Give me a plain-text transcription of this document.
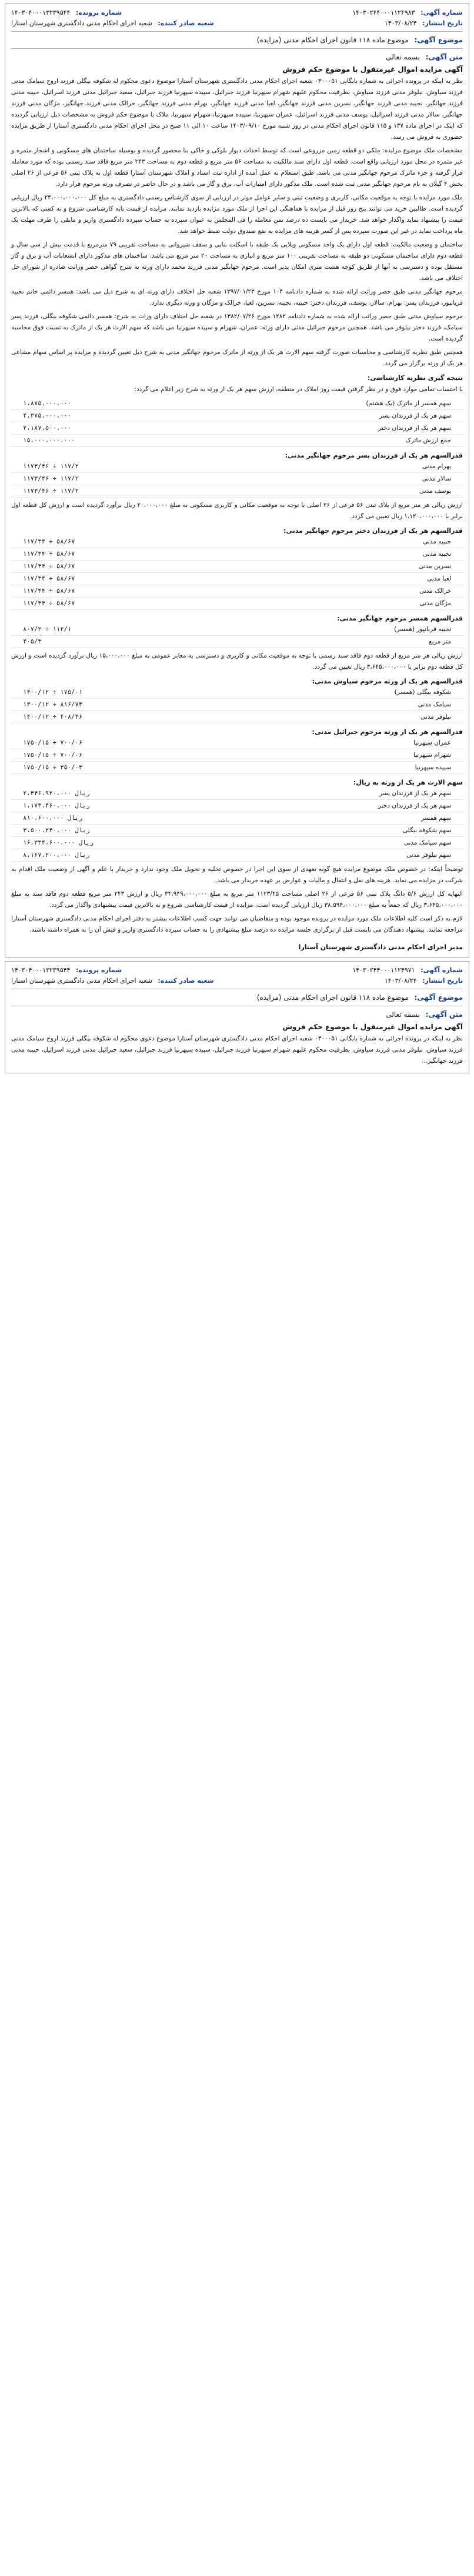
شماره آگهی: ۱۴۰۳۰۲۴۴۰۰۰۱۱۲۴۹۸۳
شماره پرونده: ۱۴۰۳۰۴۰۰۰۱۳۲۳۹۵۴۴
تاریخ انتشار: ۱۴۰۳/۰۸/۲۴
شعبه صادر کننده: شعبه اجرای احکام مدنی دادگستری شهرستان استارا
موضوع آگهی: موضوع ماده ۱۱۸ قانون اجرای احکام مدنی (مزایده)
متن آگهی: بسمه تعالی
آگهی مزایده اموال غیرمنقول با موضوع حکم فروش

نظر به اینکه در پرونده اجرائی به شماره بایگانی ۰۳۰۰۰۵۱ شعبه اجرای احکام مدنی دادگستری شهرستان آستارا موضوع دعوی محکوم له شکوفه بیگلی فرزند اروج سیامک مدنی فرزند سیاوش، نیلوفر مدنی فرزند سیاوش، بطرفیت محکوم علیهم شهرام سپهرنیا فرزند جبرائیل، سپیده سپهرنیا فرزند جبرائیل، سعید جبرائیل مدنی فرزند اسرائیل، حبیبه مدنی فرزند جهانگیر، نجیبه مدنی فرزند جهانگیر، نسرین مدنی فرزند جهانگیر، لعیا مدنی فرزند جهانگیر، بهرام مدنی فرزند جهانگیر، خرالک مدنی فرزند جهانگیر، مژگان مدنی فرزند جهانگیر، سالار مدنی فرزند اسرائیل، یوسف مدنی فرزند اسرائیل، عمران سپهرنیا، سپیده سپهرنیا، شهرام سپهرنیا، ملاک با موضوع حکم فروش به مشخصات ذیل ارزیابی گردیده که اینک در اجرای ماده ۱۳۷ و ۱۱۵ قانون اجرای احکام مدنی در روز شنبه مورخ ۱۴۰۳/۰۹/۱۰ ساعت ۱۰ الی ۱۱ صبح در محل اجرای احکام مدنی دادگستری آستارا از طریق مزایده حضوری به فروش می رسد.

مشخصات ملک موضوع مزایده: ملکی دو قطعه زمین مزروعی است که توسط احداث دیوار بلوکی و خاکی بنا محصور گردیده و بوسیله ساختمان های مسکونی و اشجار مثمره و غیر مثمره در محل مورد ارزیابی واقع است. قطعه اول دارای سند مالکیت به مساحت ۵۶ متر مربع و قطعه دوم به مساحت ۲۴۳ متر مربع فاقد سند رسمی بوده که مورد معامله قرار گرفته و جزء ماترک مرحوم جهانگیر مدنی می باشد. طبق استعلام به عمل آمده از اداره ثبت اسناد و املاک شهرستان آستارا قطعه اول به پلاک ثبتی ۵۶ فرعی از ۲۶ اصلی بخش ۴ گیلان به نام مرحوم جهانگیر مدنی ثبت شده است. ملک مذکور دارای امتیازات آب، برق و گاز می باشد و در حال حاضر در تصرف ورثه مرحوم قرار دارد.

ملک مورد مزایده با توجه به موقعیت مکانی، کاربری و وضعیت ثبتی و سایر عوامل موثر در ارزیابی از سوی کارشناس رسمی دادگستری به مبلغ کل ۲۴،۰۰۰،۰۰۰،۰۰۰ ریال ارزیابی گردیده است. طالبین خرید می توانند پنج روز قبل از مزایده با هماهنگی این اجرا از ملک مورد مزایده بازدید نمایند. مزایده از قیمت پایه کارشناسی شروع و به کسی که بالاترین قیمت را پیشنهاد نماید واگذار خواهد شد. خریدار می بایست ده درصد ثمن معامله را فی المجلس به عنوان سپرده به حساب سپرده دادگستری واریز و مابقی را ظرف مهلت یک ماه پرداخت نماید در غیر این صورت سپرده پس از کسر هزینه های مزایده به نفع صندوق دولت ضبط خواهد شد.

ساختمان و وضعیت مالکیت: قطعه اول دارای یک واحد مسکونی ویلایی یک طبقه با اسکلت بنایی و سقف شیروانی به مساحت تقریبی ۷۹ مترمربع با قدمت بیش از سی سال و قطعه دوم دارای ساختمان مسکونی دو طبقه به مساحت تقریبی ۱۰۰ متر مربع و انباری به مساحت ۲۰ متر مربع می باشد. ساختمان های مذکور دارای انشعابات آب و برق و گاز مستقل بوده و دسترسی به آنها از طریق کوچه هشت متری امکان پذیر است. مرحوم جهانگیر مدنی فرزند محمد دارای ورثه به شرح گواهی حصر وراثت صادره از شورای حل اختلاف می باشد.

مرحوم جهانگیر مدنی طبق حصر وراثت ارائه شده به شماره دادنامه ۱۰۴ مورخ ۱۳۹۷/۰۱/۲۳ شعبه حل اختلاف دارای ورثه ای به شرح ذیل می باشد: همسر دائمی خانم نجیبه قربانپور، فرزندان پسر: بهرام، سالار، یوسف، فرزندان دختر: حبیبه، نجیبه، نسرین، لعیا، خرالک و مژگان و ورثه دیگری ندارد.

مرحوم سیاوش مدنی طبق حصر وراثت ارائه شده به شماره دادنامه ۱۲۸۲ مورخ ۱۳۸۲/۰۷/۲۶ در شعبه حل اختلاف دارای وراث به شرح: همسر دائمی شکوفه بیگلی، فرزند پسر سیامک، فرزند دختر نیلوفر می باشد. همچنین مرحوم جبرائیل مدنی دارای ورثه: عمران، شهرام و سپیده سپهرنیا می باشد که سهم الارث هر یک از ماترک به نسبت فوق محاسبه گردیده است.

همچنین طبق نظریه کارشناسی و محاسبات صورت گرفته سهم الارث هر یک از ورثه از ماترک مرحوم جهانگیر مدنی به شرح ذیل تعیین گردیده و مزایده بر اساس سهام مشاعی هر یک از ورثه برگزار می گردد.

نتیجه گیری نظریه کارشناسی:

با احتساب تمامی موارد فوق و در نظر گرفتن قیمت روز املاک در منطقه، ارزش سهم هر یک از ورثه به شرح زیر اعلام می گردد:

سهم همسر از ماترک (یک هشتم)
۱،۸۷۵،۰۰۰،۰۰۰
سهم هر یک از فرزندان پسر
۴،۳۷۵،۰۰۰،۰۰۰
سهم هر یک از فرزندان دختر
۲،۱۸۷،۵۰۰،۰۰۰
جمع ارزش ماترک
۱۵،۰۰۰،۰۰۰،۰۰۰
قدرالسهم هر یک از فرزندان پسر مرحوم جهانگیر مدنی:
بهرام مدنی
۱۱۷۳/۴۶ ÷ ۱۱۷/۲
سالار مدنی
۱۱۷۳/۴۶ ÷ ۱۱۷/۲
یوسف مدنی
۱۱۷۳/۴۶ ÷ ۱۱۷/۲

ارزش ریالی هر متر مربع از پلاک ثبتی ۵۶ فرعی از ۲۶ اصلی با توجه به موقعیت مکانی و کاربری مسکونی به مبلغ ۲۰،۰۰۰،۰۰۰ ریال برآورد گردیده است و ارزش کل قطعه اول برابر با ۱،۱۲۰،۰۰۰،۰۰۰ ریال تعیین می گردد.

قدرالسهم هر یک از فرزندان دختر مرحوم جهانگیر مدنی:
حبیبه مدنی
۱۱۷/۳۴ ÷ ۵۸/۶۷
نجیبه مدنی
۱۱۷/۳۴ ÷ ۵۸/۶۷
نسرین مدنی
۱۱۷/۳۴ ÷ ۵۸/۶۷
لعیا مدنی
۱۱۷/۳۴ ÷ ۵۸/۶۷
خرالک مدنی
۱۱۷/۳۴ ÷ ۵۸/۶۷
مژگان مدنی
۱۱۷/۳۴ ÷ ۵۸/۶۷
قدرالسهم همسر مرحوم جهانگیر مدنی:
نجیبه قربانپور (همسر)
۸۰۷/۲ ÷ ۱۱۲/۱
متر مربع
۴۰۵/۳

ارزش ریالی هر متر مربع از قطعه دوم فاقد سند رسمی با توجه به موقعیت مکانی و کاربری و دسترسی به معابر عمومی به مبلغ ۱۵،۰۰۰،۰۰۰ ریال برآورد گردیده است و ارزش کل قطعه دوم برابر با ۳،۶۴۵،۰۰۰،۰۰۰ ریال تعیین می گردد.

قدرالسهم هر یک از ورثه مرحوم سیاوش مدنی:
شکوفه بیگلی (همسر)
۱۴۰۰/۱۲ ÷ ۱۷۵/۰۱
سیامک مدنی
۱۴۰۰/۱۲ ÷ ۸۱۶/۷۳
نیلوفر مدنی
۱۴۰۰/۱۲ ÷ ۴۰۸/۳۶
قدرالسهم هر یک از ورثه مرحوم جبرائیل مدنی:
عمران سپهرنیا
۱۷۵۰/۱۵ ÷ ۷۰۰/۰۶
شهرام سپهرنیا
۱۷۵۰/۱۵ ÷ ۷۰۰/۰۶
سپیده سپهرنیا
۱۷۵۰/۱۵ ÷ ۳۵۰/۰۳
سهم الارث هر یک از ورثه به ریال:
سهم هر یک از فرزندان پسر
۲،۳۴۶،۹۲۰،۰۰۰ ریال
سهم هر یک از فرزندان دختر
۱،۱۷۳،۴۶۰،۰۰۰ ریال
سهم همسر
۸۱۰،۶۰۰،۰۰۰ ریال
سهم شکوفه بیگلی
۳،۵۰۰،۲۴۰،۰۰۰ ریال
سهم سیامک مدنی
۱۶،۳۳۴،۶۰۰،۰۰۰ ریال
سهم نیلوفر مدنی
۸،۱۶۷،۲۰۰،۰۰۰ ریال

توضیحاً اینکه: در خصوص ملک موضوع مزایده هیچ گونه تعهدی از سوی این اجرا در خصوص تخلیه و تحویل ملک وجود ندارد و خریدار با علم و آگهی از وضعیت ملک اقدام به شرکت در مزایده می نماید. هزینه های نقل و انتقال و مالیات و عوارض بر عهده خریدار می باشد.

النهایه کل ارزش ۵/۶ دانگ پلاک ثبتی ۵۶ فرعی از ۲۶ اصلی مساحت ۱۱۲۳/۴۵ متر مربع به مبلغ ۳۴،۹۴۹،۰۰۰،۰۰۰ ریال و ارزش ۲۴۳ متر مربع قطعه دوم فاقد سند به مبلغ ۳،۶۴۵،۰۰۰،۰۰۰ ریال که جمعاً به مبلغ ۳۸،۵۹۴،۰۰۰،۰۰۰ ریال ارزیابی گردیده است. مزایده از قیمت کارشناسی شروع و به بالاترین قیمت پیشنهادی واگذار می گردد.

لازم به ذکر است کلیه اطلاعات ملک مورد مزایده در پرونده موجود بوده و متقاضیان می توانند جهت کسب اطلاعات بیشتر به دفتر اجرای احکام مدنی دادگستری شهرستان آستارا مراجعه نمایند. پیشنهاد دهندگان می بایست قبل از برگزاری جلسه مزایده ده درصد مبلغ پیشنهادی را به حساب سپرده دادگستری واریز و فیش آن را به همراه داشته باشند.

مدیر اجرای احکام مدنی دادگستری شهرستان آستارا
شماره آگهی: ۱۴۰۳۰۲۴۴۰۰۰۱۱۲۴۹۷۱
شماره پرونده: ۱۴۰۳۰۴۰۰۰۱۳۲۳۹۵۴۴
تاریخ انتشار: ۱۴۰۳/۰۸/۲۴
شعبه صادر کننده: شعبه اجرای احکام مدنی دادگستری شهرستان استارا
موضوع آگهی: موضوع ماده ۱۱۸ قانون اجرای احکام مدنی (مزایده)
متن آگهی: بسمه تعالی
آگهی مزایده اموال غیرمنقول با موضوع حکم فروش

نظر به اینکه در پرونده اجرائی به شماره بایگانی ۰۳۰۰۰۵۱ شعبه اجرای احکام مدنی دادگستری شهرستان آستارا موضوع دعوی محکوم له شکوفه بیگلی فرزند اروج سیامک مدنی فرزند سیاوش، نیلوفر مدنی فرزند سیاوش، بطرفیت محکوم علیهم شهرام سپهرنیا فرزند جبرائیل، سپیده سپهرنیا فرزند جبرائیل، سعید جبرائیل مدنی فرزند اسرائیل، حبیبه مدنی فرزند جهانگیر...
